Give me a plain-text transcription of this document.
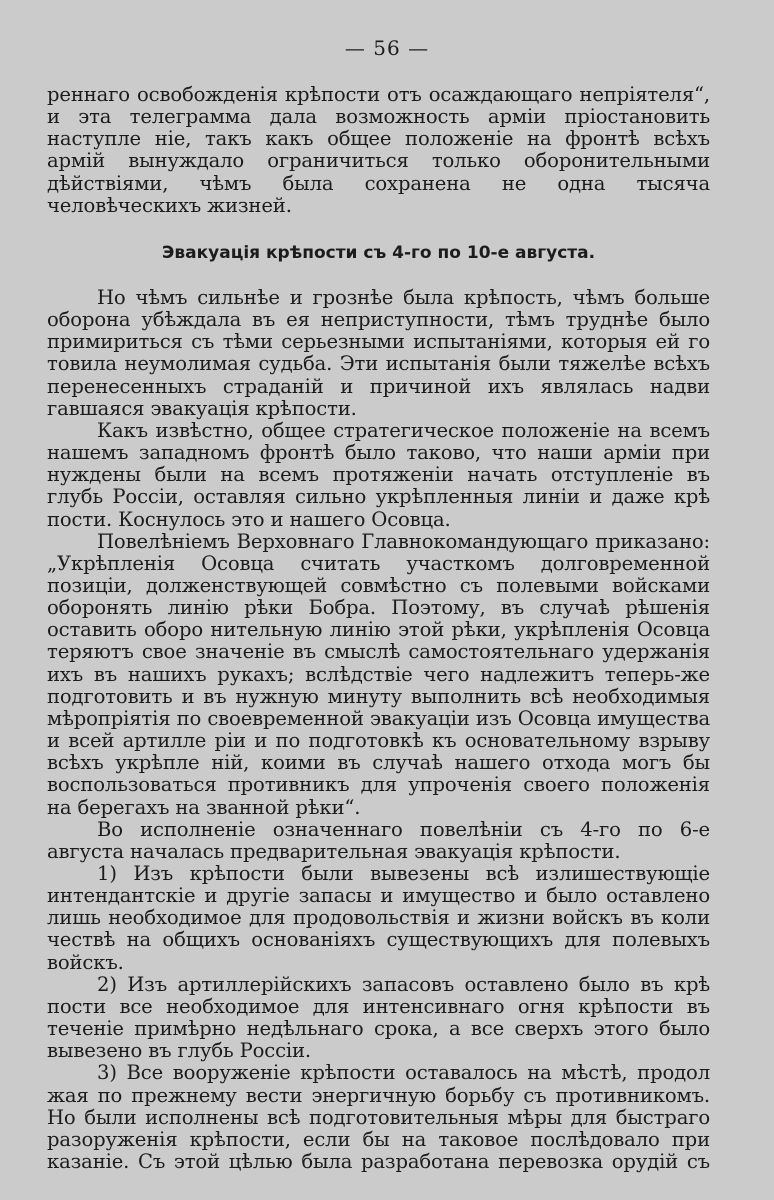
— 56 —

реннаго освобожденія крѣпости отъ осаждающаго непріятеля“, и эта телеграмма дала возможность арміи пріостановить наступле ніе, такъ какъ общее положеніе на фронтѣ всѣхъ армій вынуждало ограничиться только оборонительными дѣйствіями, чѣмъ была сохранена не одна тысяча человѣческихъ жизней.

Эвакуація крѣпости съ 4-го по 10-е августа.

Но чѣмъ сильнѣе и грознѣе была крѣпость, чѣмъ больше оборона убѣждала въ ея неприступности, тѣмъ труднѣе было примириться съ тѣми серьезными испытаніями, которыя ей го товила неумолимая судьба. Эти испытанія были тяжелѣе всѣхъ перенесенныхъ страданій и причиной ихъ являлась надви гавшаяся эвакуація крѣпости.

Какъ извѣстно, общее стратегическое положеніе на всемъ нашемъ западномъ фронтѣ было таково, что наши арміи при нуждены были на всемъ протяженіи начать отступленіе въ глубь Россіи, оставляя сильно укрѣпленныя линіи и даже крѣ пости. Коснулось это и нашего Осовца.

Повелѣніемъ Верховнаго Главнокомандующаго приказано: „Укрѣпленія Осовца считать участкомъ долговременной позиціи, долженствующей совмѣстно съ полевыми войсками оборонять линію рѣки Бобра. Поэтому, въ случаѣ рѣшенія оставить оборо нительную линію этой рѣки, укрѣпленія Осовца теряютъ свое значеніе въ смыслѣ самостоятельнаго удержанія ихъ въ нашихъ рукахъ; вслѣдствіе чего надлежитъ теперь-же подготовить и въ нужную минуту выполнить всѣ необходимыя мѣропріятія по своевременной эвакуаціи изъ Осовца имущества и всей артилле ріи и по подготовкѣ къ основательному взрыву всѣхъ укрѣпле ній, коими въ случаѣ нашего отхода могъ бы воспользоваться противникъ для упроченія своего положенія на берегахъ на званной рѣки“.

Во исполненіе означеннаго повелѣніи съ 4-го по 6-е августа началась предварительная эвакуація крѣпости.

1) Изъ крѣпости были вывезены всѣ излишествующіе интендантскіе и другіе запасы и имущество и было оставлено лишь необходимое для продовольствія и жизни войскъ въ коли чествѣ на общихъ основаніяхъ существующихъ для полевыхъ войскъ.

2) Изъ артиллерійскихъ запасовъ оставлено было въ крѣ пости все необходимое для интенсивнаго огня крѣпости въ теченіе примѣрно недѣльнаго срока, а все сверхъ этого было вывезено въ глубь Россіи.

3) Все вооруженіе крѣпости оставалось на мѣстѣ, продол жая по прежнему вести энергичную борьбу съ противникомъ. Но были исполнены всѣ подготовительныя мѣры для быстраго разоруженія крѣпости, если бы на таковое послѣдовало при казаніе. Съ этой цѣлью была разработана перевозка орудій съ
